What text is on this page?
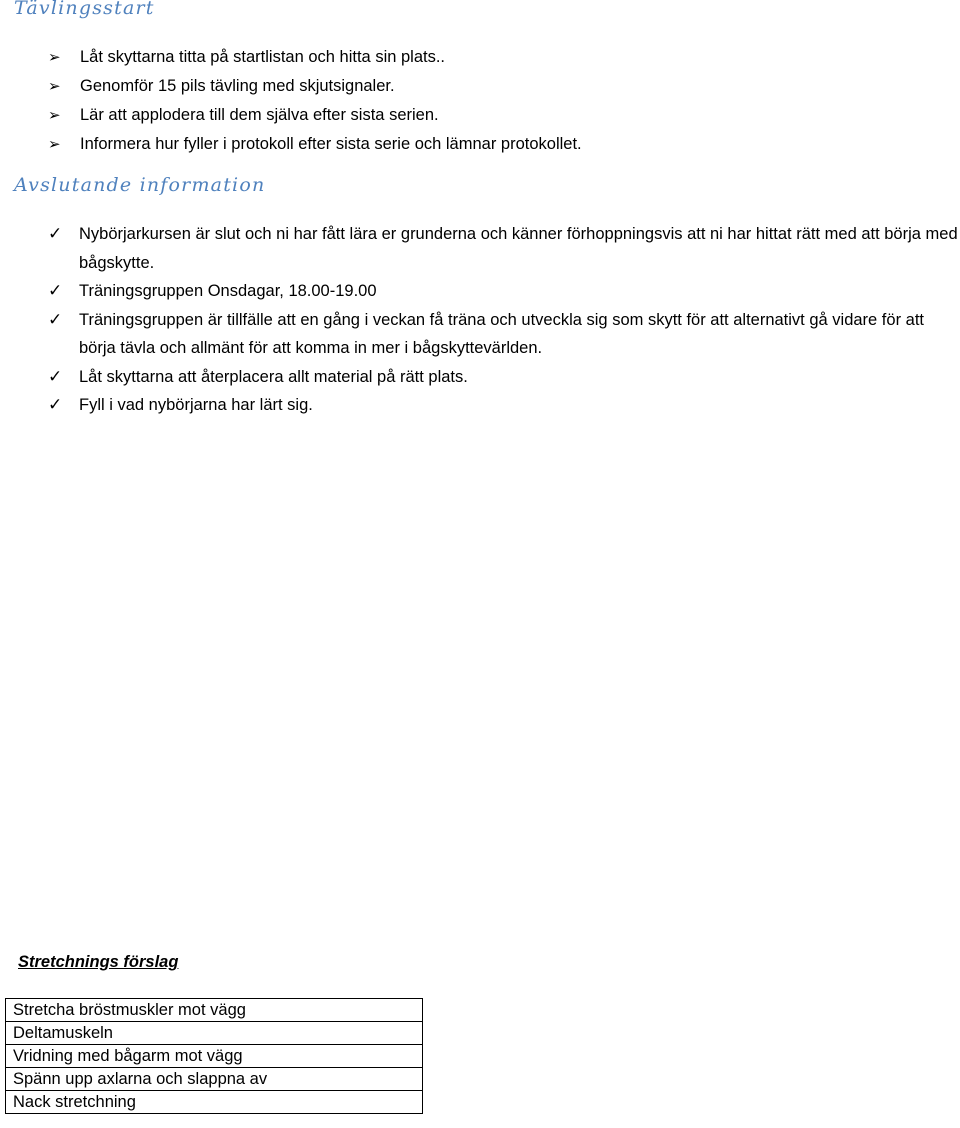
Tävlingsstart
➢ Låt skyttarna titta på startlistan och hitta sin plats..
➢ Genomför 15 pils tävling med skjutsignaler.
➢ Lär att applodera till dem själva efter sista serien.
➢ Informera hur fyller i protokoll efter sista serie och lämnar protokollet.
Avslutande information
✓ Nybörjarkursen är slut och ni har fått lära er grunderna och känner förhoppningsvis att ni har hittat rätt med att börja med bågskytte.
✓ Träningsgruppen Onsdagar, 18.00-19.00
✓ Träningsgruppen är tillfälle att en gång i veckan få träna och utveckla sig som skytt för att alternativt gå vidare för att börja tävla och allmänt för att komma in mer i bågskyttevärlden.
✓ Låt skyttarna att återplacera allt material på rätt plats.
✓ Fyll i vad nybörjarna har lärt sig.
Stretchnings förslag
Stretcha bröstmuskler mot vägg
Deltamuskeln
Vridning med bågarm mot vägg
Spänn upp axlarna och slappna av
Nack stretchning
